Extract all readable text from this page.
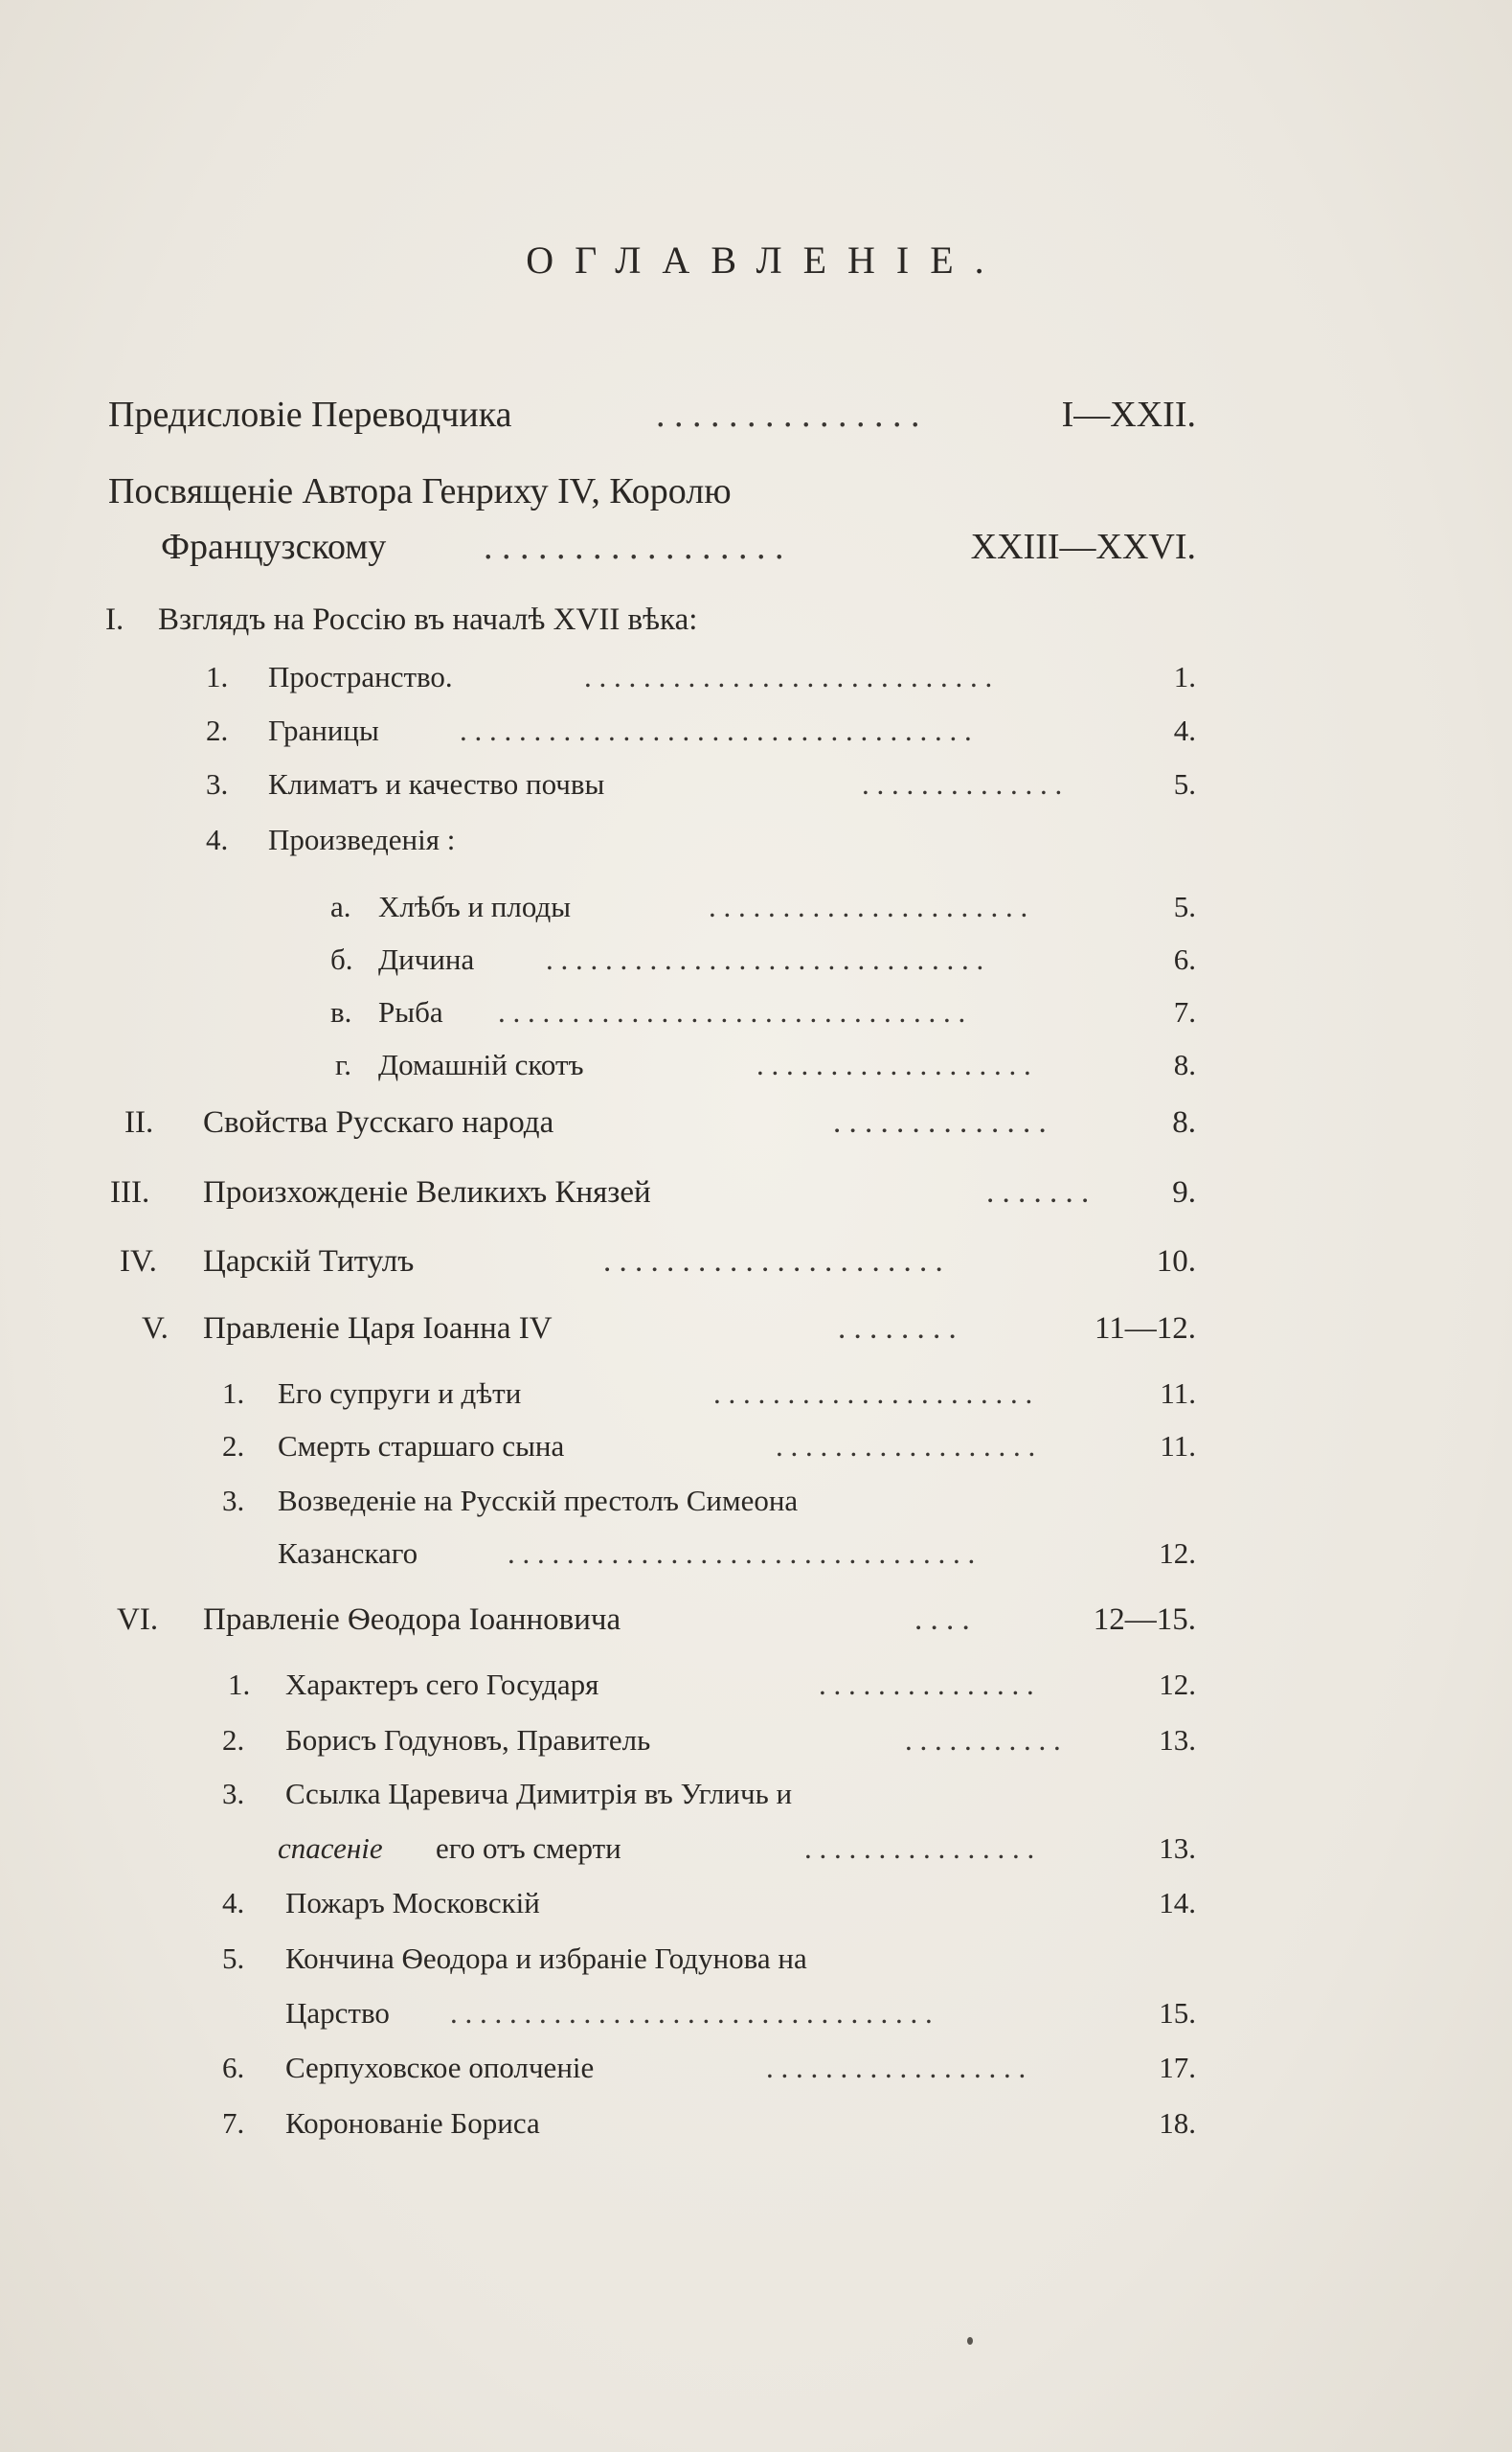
ОГЛАВЛЕНІЕ.
Предисловіе Переводчика	. . . . . . . . . . . . . . .	I—XXII.
Посвященіе Автора Генриху IV, Королю
Французскому	. . . . . . . . . . . . . . . . .	XXIII—XXVI.
I. Взглядъ на Россію въ началѣ XVII вѣка:
1. Пространство.	. . . . . . . . . . . . . . . . . . . . . . . . . . . .	1.
2. Границы	. . . . . . . . . . . . . . . . . . . . . . . . . . . . . . . . . . .	4.
3. Климатъ и качество почвы	. . . . . . . . . . . . . .	5.
4. Произведенія :
а. Хлѣбъ и плоды	. . . . . . . . . . . . . . . . . . . . . .	5.
б. Дичина . . . . . . . . . . . . . . . . . . . . . . . . . . . . . .	6.
в. Рыба . . . . . . . . . . . . . . . . . . . . . . . . . . . . . . . .	7.
г. Домашній скотъ	. . . . . . . . . . . . . . . . . . .	8.
II. Свойства Русскаго народа	. . . . . . . . . . . . . .	8.
III. Произхожденіе Великихъ Князей	. . . . . . .	9.
IV. Царскій Титулъ	. . . . . . . . . . . . . . . . . . . . . .	10.
V. Правленіе Царя Іоанна IV	. . . . . . . .	11—12.
1. Его супруги и дѣти	. . . . . . . . . . . . . . . . . . . . . .	11.
2. Смерть старшаго сына	. . . . . . . . . . . . . . . . . .	11.
3. Возведеніе на Русскій престолъ Симеона
Казанскаго	. . . . . . . . . . . . . . . . . . . . . . . . . . . . . . . .	12.
VI. Правленіе Ѳеодора Іоанновича	. . . .	12—15.
1. Характеръ сего Государя	. . . . . . . . . . . . . . .	12.
2. Борисъ Годуновъ, Правитель	. . . . . . . . . . .	13.
3. Ссылка Царевича Димитрія въ Угличь и
спасеніе его отъ смерти	. . . . . . . . . . . . . . . .	13.
4. Пожаръ Московскій	14.
5. Кончина Ѳеодора и избраніе Годунова на
Царство . . . . . . . . . . . . . . . . . . . . . . . . . . . . . . . . .	15.
6. Серпуховское ополченіе	. . . . . . . . . . . . . . . . . .	17.
7. Коронованіе Бориса	18.
